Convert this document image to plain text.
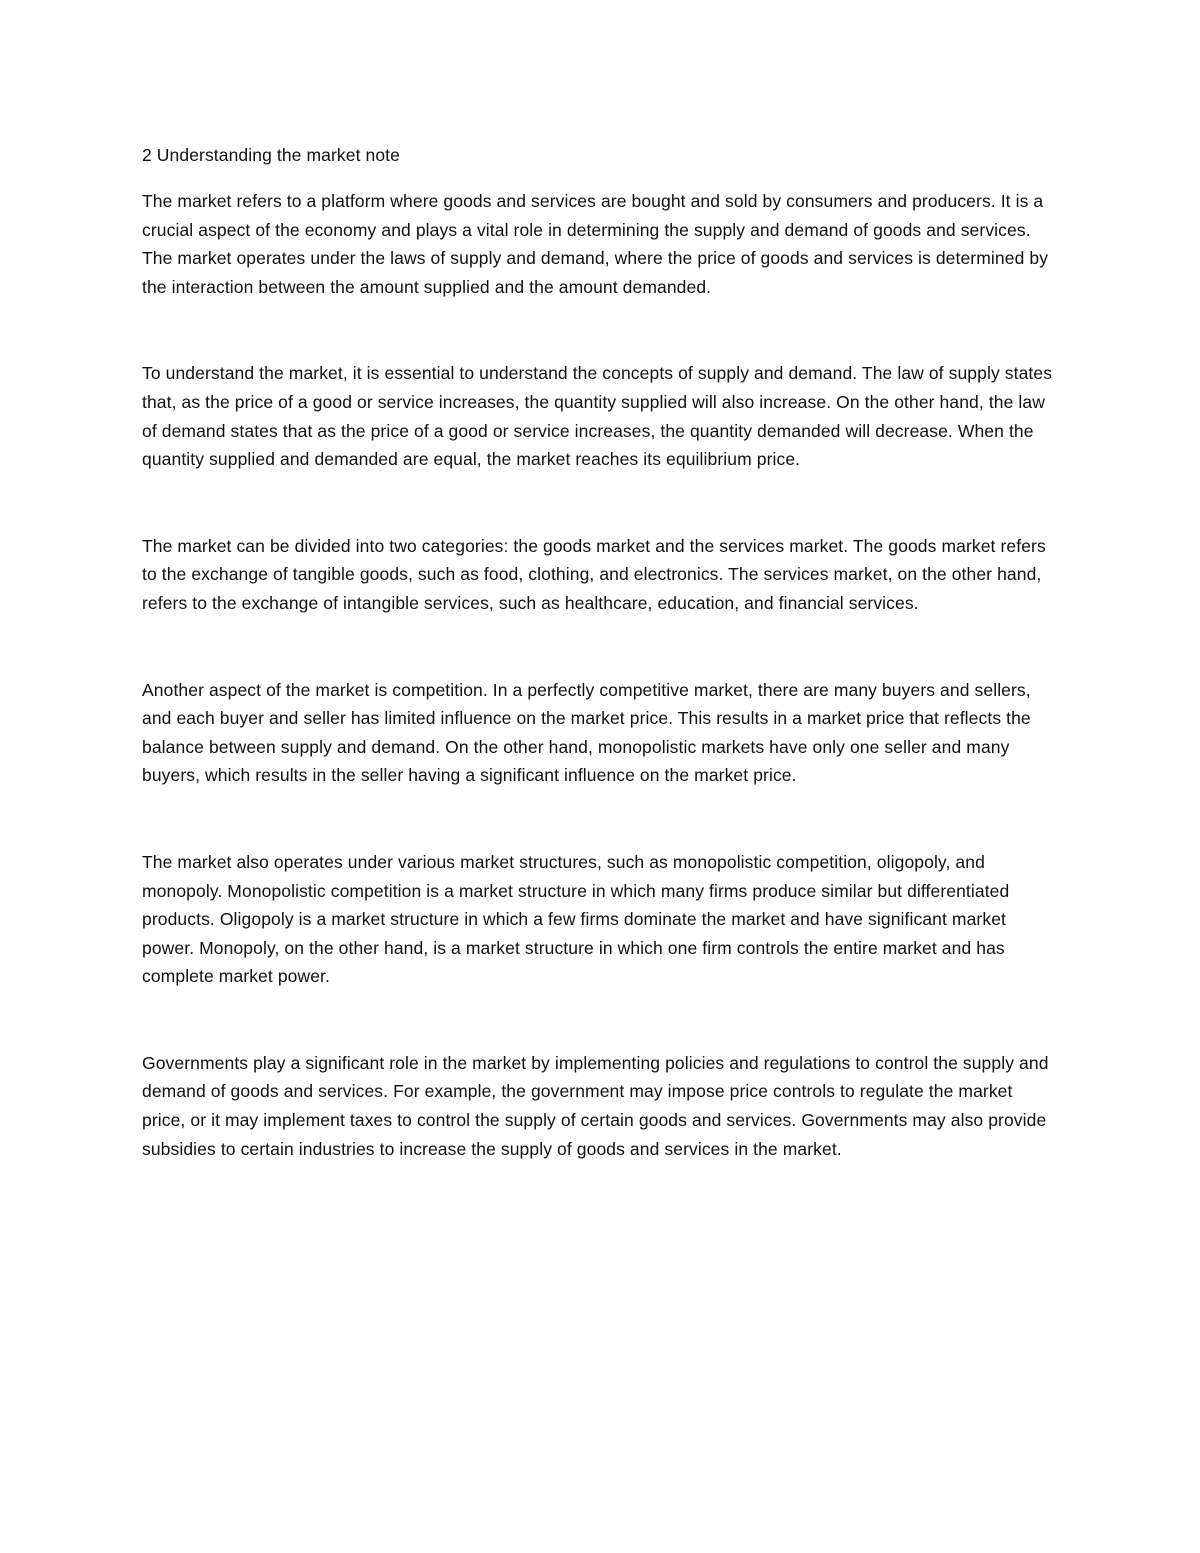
2 Understanding the market note

The market refers to a platform where goods and services are bought and sold by consumers and producers. It is a crucial aspect of the economy and plays a vital role in determining the supply and demand of goods and services. The market operates under the laws of supply and demand, where the price of goods and services is determined by the interaction between the amount supplied and the amount demanded.

To understand the market, it is essential to understand the concepts of supply and demand. The law of supply states that, as the price of a good or service increases, the quantity supplied will also increase. On the other hand, the law of demand states that as the price of a good or service increases, the quantity demanded will decrease. When the quantity supplied and demanded are equal, the market reaches its equilibrium price.

The market can be divided into two categories: the goods market and the services market. The goods market refers to the exchange of tangible goods, such as food, clothing, and electronics. The services market, on the other hand, refers to the exchange of intangible services, such as healthcare, education, and financial services.

Another aspect of the market is competition. In a perfectly competitive market, there are many buyers and sellers, and each buyer and seller has limited influence on the market price. This results in a market price that reflects the balance between supply and demand. On the other hand, monopolistic markets have only one seller and many buyers, which results in the seller having a significant influence on the market price.

The market also operates under various market structures, such as monopolistic competition, oligopoly, and monopoly. Monopolistic competition is a market structure in which many firms produce similar but differentiated products. Oligopoly is a market structure in which a few firms dominate the market and have significant market power. Monopoly, on the other hand, is a market structure in which one firm controls the entire market and has complete market power.

Governments play a significant role in the market by implementing policies and regulations to control the supply and demand of goods and services. For example, the government may impose price controls to regulate the market price, or it may implement taxes to control the supply of certain goods and services. Governments may also provide subsidies to certain industries to increase the supply of goods and services in the market.
